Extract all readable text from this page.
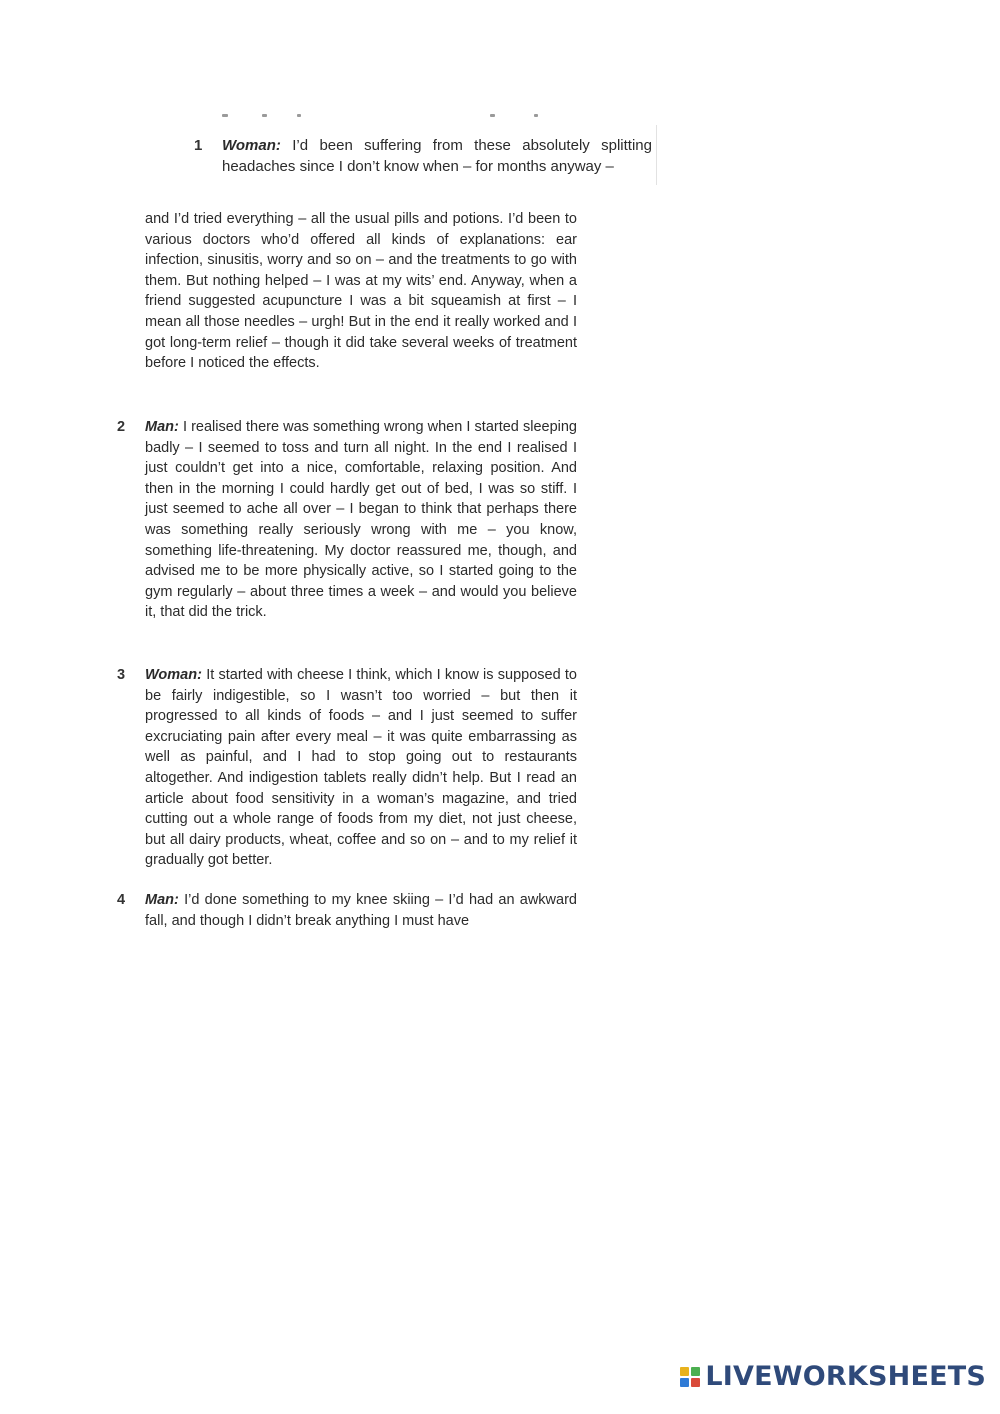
1 Woman: I’d been suffering from these absolutely splitting headaches since I don’t know when – for months anyway –
and I’d tried everything – all the usual pills and potions. I’d been to various doctors who’d offered all kinds of explanations: ear infection, sinusitis, worry and so on – and the treatments to go with them. But nothing helped – I was at my wits’ end. Anyway, when a friend suggested acupuncture I was a bit squeamish at first – I mean all those needles – urgh! But in the end it really worked and I got long-term relief – though it did take several weeks of treatment before I noticed the effects.
2 Man: I realised there was something wrong when I started sleeping badly – I seemed to toss and turn all night. In the end I realised I just couldn’t get into a nice, comfortable, relaxing position. And then in the morning I could hardly get out of bed, I was so stiff. I just seemed to ache all over – I began to think that perhaps there was something really seriously wrong with me – you know, something life-threatening. My doctor reassured me, though, and advised me to be more physically active, so I started going to the gym regularly – about three times a week – and would you believe it, that did the trick.
3 Woman: It started with cheese I think, which I know is supposed to be fairly indigestible, so I wasn’t too worried – but then it progressed to all kinds of foods – and I just seemed to suffer excruciating pain after every meal – it was quite embarrassing as well as painful, and I had to stop going out to restaurants altogether. And indigestion tablets really didn’t help. But I read an article about food sensitivity in a woman’s magazine, and tried cutting out a whole range of foods from my diet, not just cheese, but all dairy products, wheat, coffee and so on – and to my relief it gradually got better.
4 Man: I’d done something to my knee skiing – I’d had an awkward fall, and though I didn’t break anything I must have
LIVEWORKSHEETS
